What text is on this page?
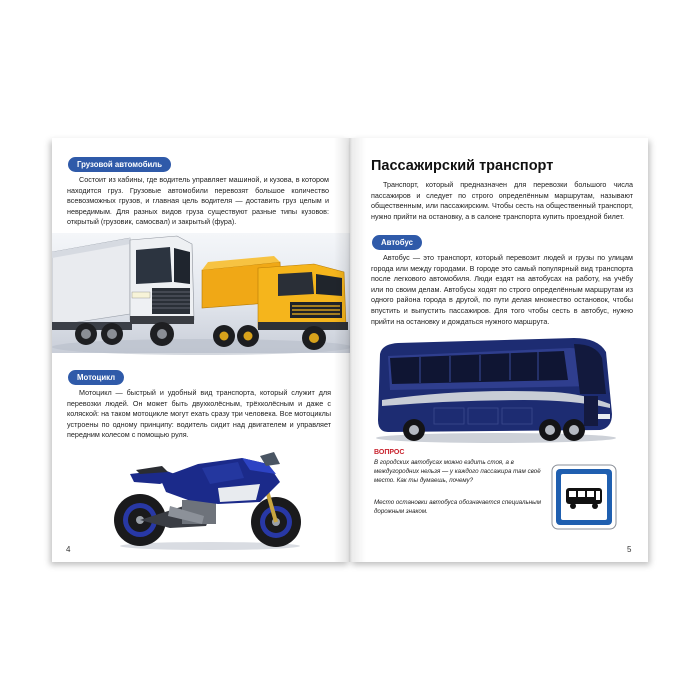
Грузовой автомобиль
Состоит из кабины, где водитель управляет машиной, и кузова, в котором находится груз. Грузовые автомобили перевозят большое количество всевозможных грузов, и главная цель водителя — доставить груз целым и невредимым. Для разных видов груза существуют разные типы кузовов: открытый (грузовик, самосвал) и закрытый (фура).
Мотоцикл
Мотоцикл — быстрый и удобный вид транспорта, который служит для перевозки людей. Он может быть двухколёсным, трёхколёсным и даже с коляской: на таком мотоцикле могут ехать сразу три человека. Все мотоциклы устроены по одному принципу: водитель сидит над двигателем и управляет передним колесом с помощью руля.
4
Пассажирский транспорт
Транспорт, который предназначен для перевозки большого числа пассажиров и следует по строго определённым маршрутам, называют общественным, или пассажирским. Чтобы сесть на общественный транспорт, нужно прийти на остановку, а в салоне транспорта купить проездной билет.
Автобус
Автобус — это транспорт, который перевозит людей и грузы по улицам города или между городами. В городе это самый популярный вид транспорта после легкового автомобиля. Люди ездят на автобусах на работу, на учёбу или по своим делам. Автобусы ходят по строго определённым маршрутам из одного района города в другой, по пути делая множество остановок, чтобы впустить и выпустить пассажиров. Для того чтобы сесть в автобус, нужно прийти на остановку и дождаться нужного маршрута.
ВОПРОС
В городских автобусах можно ездить стоя, а в междугородних нельзя — у каждого пассажира там своё место. Как ты думаешь, почему?
Место остановки автобуса обозначается специальным дорожным знаком.
5
